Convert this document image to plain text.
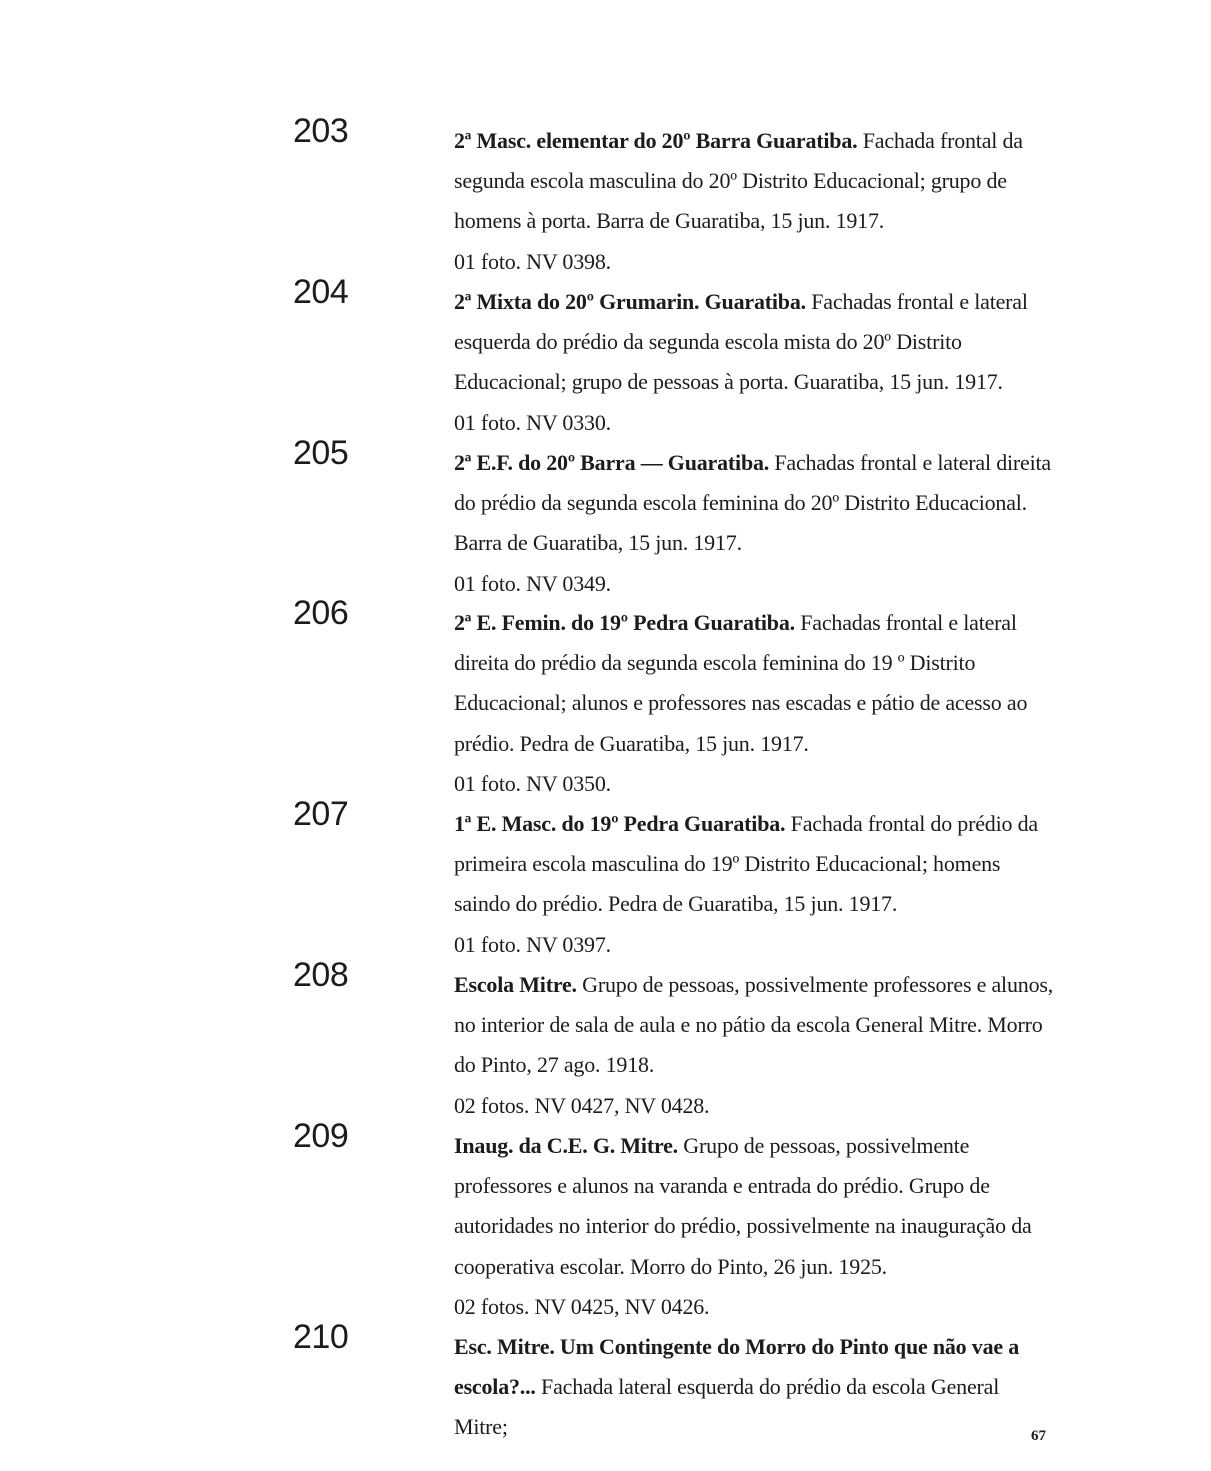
203	2ª Masc. elementar do 20º Barra Guaratiba. Fachada frontal da segunda escola masculina do 20º Distrito Educacional; grupo de homens à porta. Barra de Guaratiba, 15 jun. 1917.

01 foto. NV 0398.

204	2ª Mixta do 20º Grumarin. Guaratiba. Fachadas frontal e lateral esquerda do prédio da segunda escola mista do 20º Distrito Educacional; grupo de pessoas à porta. Guaratiba, 15 jun. 1917.

01 foto. NV 0330.

205	2ª E.F. do 20º Barra — Guaratiba. Fachadas frontal e lateral direita do prédio da segunda escola feminina do 20º Distrito Educacional. Barra de Guaratiba, 15 jun. 1917.

01 foto. NV 0349.

206	2ª E. Femin. do 19º Pedra Guaratiba. Fachadas frontal e lateral direita do prédio da segunda escola feminina do 19 º Distrito Educacional; alunos e professores nas escadas e pátio de acesso ao prédio. Pedra de Guaratiba, 15 jun. 1917.

01 foto. NV 0350.

207	1ª E. Masc. do 19º Pedra Guaratiba. Fachada frontal do prédio da primeira escola masculina do 19º Distrito Educacional; homens saindo do prédio. Pedra de Guaratiba, 15 jun. 1917.

01 foto. NV 0397.

208	Escola Mitre. Grupo de pessoas, possivelmente professores e alunos, no interior de sala de aula e no pátio da escola General Mitre. Morro do Pinto, 27 ago. 1918.

02 fotos. NV 0427, NV 0428.

209	Inaug. da C.E. G. Mitre. Grupo de pessoas, possivelmente professores e alunos na varanda e entrada do prédio. Grupo de autoridades no interior do prédio, possivelmente na inauguração da cooperativa escolar. Morro do Pinto, 26 jun. 1925.

02 fotos. NV 0425, NV 0426.

210	Esc. Mitre. Um Contingente do Morro do Pinto que não vae a escola?... Fachada lateral esquerda do prédio da escola General Mitre;	67
